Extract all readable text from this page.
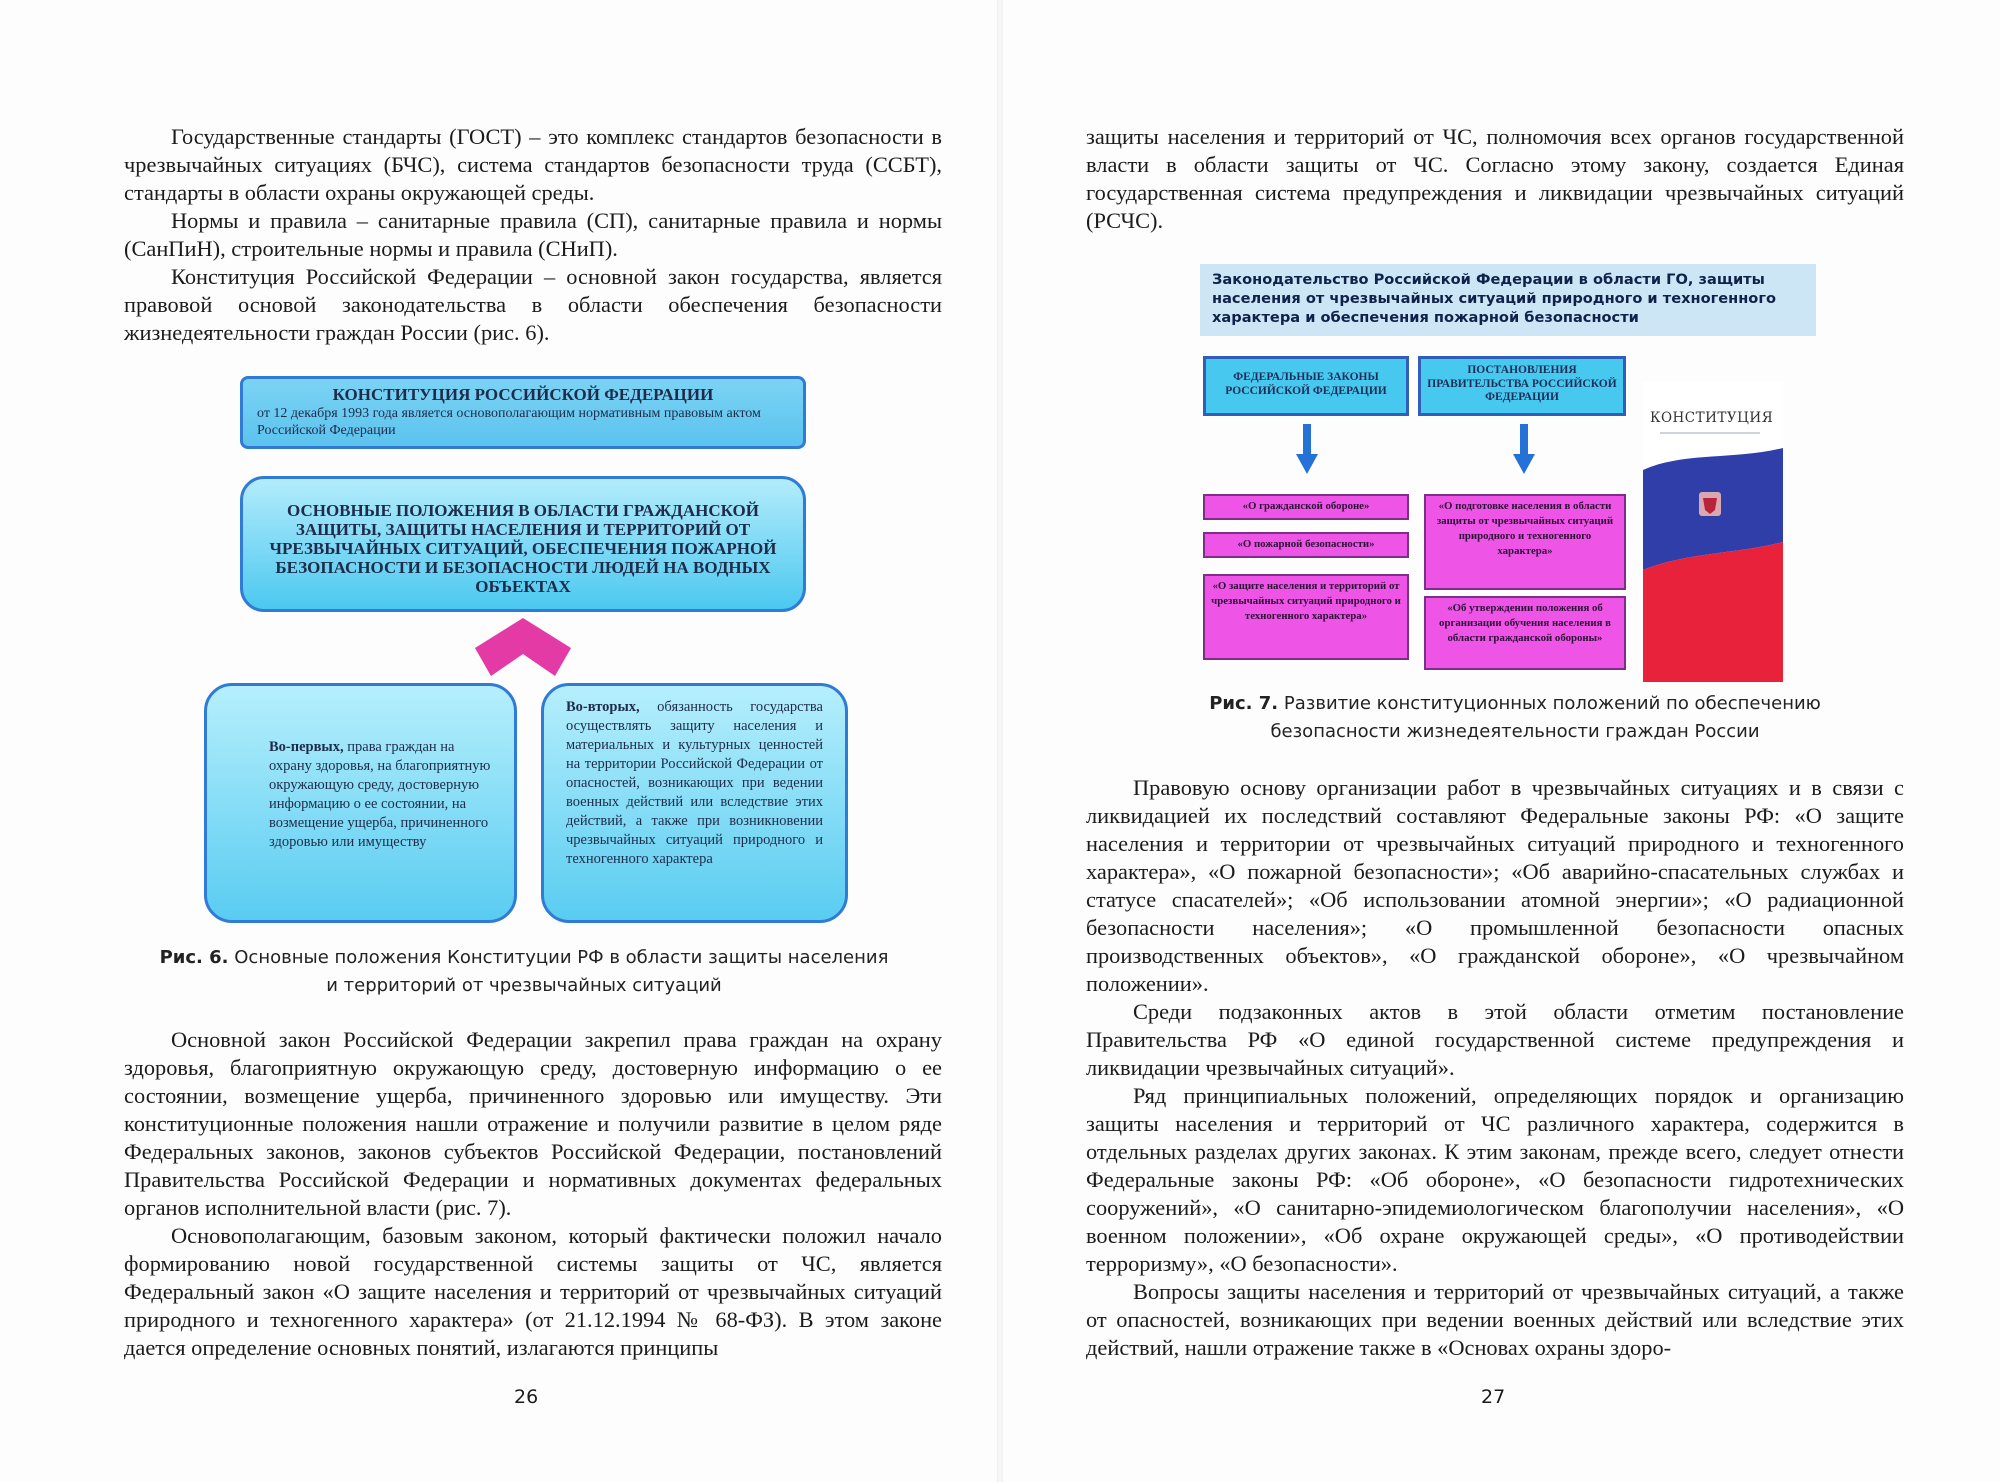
Государственные стандарты (ГОСТ) – это комплекс стандартов безопасности в чрезвычайных ситуациях (БЧС), система стандартов безопасности труда (ССБТ), стандарты в области охраны окружающей среды.

Нормы и правила – санитарные правила (СП), санитарные правила и нормы (СанПиН), строительные нормы и правила (СНиП).

Конституция Российской Федерации – основной закон государства, является правовой основой законодательства в области обеспечения безопасности жизнедеятельности граждан России (рис. 6).

КОНСТИТУЦИЯ РОССИЙСКОЙ ФЕДЕРАЦИИ
от 12 декабря 1993 года является основополагающим нормативным правовым актом Российской Федерации
ОСНОВНЫЕ ПОЛОЖЕНИЯ В ОБЛАСТИ ГРАЖДАНСКОЙ ЗАЩИТЫ, ЗАЩИТЫ НАСЕЛЕНИЯ И ТЕРРИТОРИЙ ОТ ЧРЕЗВЫЧАЙНЫХ СИТУАЦИЙ, ОБЕСПЕЧЕНИЯ ПОЖАРНОЙ БЕЗОПАСНОСТИ И БЕЗОПАСНОСТИ ЛЮДЕЙ НА ВОДНЫХ ОБЪЕКТАХ
Во-первых, права граждан на охрану здоровья, на благоприятную окружающую среду, достоверную информацию о ее состоянии, на возмещение ущерба, причиненного здоровью или имуществу
Во-вторых, обязанность государства осуществлять защиту населения и материальных и культурных ценностей на территории Российской Федерации от опасностей, возникающих при ведении военных действий или вследствие этих действий, а также при возникновении чрезвычайных ситуаций природного и техногенного характера
Рис. 6. Основные положения Конституции РФ в области защиты населения
и территорий от чрезвычайных ситуаций

Основной закон Российской Федерации закрепил права граждан на охрану здоровья, благоприятную окружающую среду, достоверную информацию о ее состоянии, возмещение ущерба, причиненного здоровью или имуществу. Эти конституционные положения нашли отражение и получили развитие в целом ряде Федеральных законов, законов субъектов Российской Федерации, постановлений Правительства Российской Федерации и нормативных документах федеральных органов исполнительной власти (рис. 7).

Основополагающим, базовым законом, который фактически положил начало формированию новой государственной системы защиты от ЧС, является Федеральный закон «О защите населения и территорий от чрезвычайных ситуаций природного и техногенного характера» (от 21.12.1994 № 68-ФЗ). В этом законе дается определение основных понятий, излагаются принципы

26

защиты населения и территорий от ЧС, полномочия всех органов государственной власти в области защиты от ЧС. Согласно этому закону, создается Единая государственная система предупреждения и ликвидации чрезвычайных ситуаций (РСЧС).

Законодательство Российской Федерации в области ГО, защиты населения от чрезвычайных ситуаций природного и техногенного характера и обеспечения пожарной безопасности
ФЕДЕРАЛЬНЫЕ ЗАКОНЫ РОССИЙСКОЙ ФЕДЕРАЦИИ
ПОСТАНОВЛЕНИЯ ПРАВИТЕЛЬСТВА РОССИЙСКОЙ ФЕДЕРАЦИИ
«О гражданской обороне»
«О пожарной безопасности»
«О защите населения и территорий от чрезвычайных ситуаций природного и техногенного характера»
«О подготовке населения в области защиты от чрезвычайных ситуаций природного и техногенного характера»
«Об утверждении положения об организации обучения населения в области гражданской обороны»
КОНСТИТУЦИЯ
Рис. 7. Развитие конституционных положений по обеспечению
безопасности жизнедеятельности граждан России

Правовую основу организации работ в чрезвычайных ситуациях и в связи с ликвидацией их последствий составляют Федеральные законы РФ: «О защите населения и территории от чрезвычайных ситуаций природного и техногенного характера», «О пожарной безопасности»; «Об аварийно-спасательных службах и статусе спасателей»; «Об использовании атомной энергии»; «О радиационной безопасности населения»; «О промышленной безопасности опасных производственных объектов», «О гражданской обороне», «О чрезвычайном положении».

Среди подзаконных актов в этой области отметим постановление Правительства РФ «О единой государственной системе предупреждения и ликвидации чрезвычайных ситуаций».

Ряд принципиальных положений, определяющих порядок и организацию защиты населения и территорий от ЧС различного характера, содержится в отдельных разделах других законах. К этим законам, прежде всего, следует отнести Федеральные законы РФ: «Об обороне», «О безопасности гидротехнических сооружений», «О санитарно-эпидемиологическом благополучии населения», «О военном положении», «Об охране окружающей среды», «О противодействии терроризму», «О безопасности».

Вопросы защиты населения и территорий от чрезвычайных ситуаций, а также от опасностей, возникающих при ведении военных действий или вследствие этих действий, нашли отражение также в «Основах охраны здоро-

27
